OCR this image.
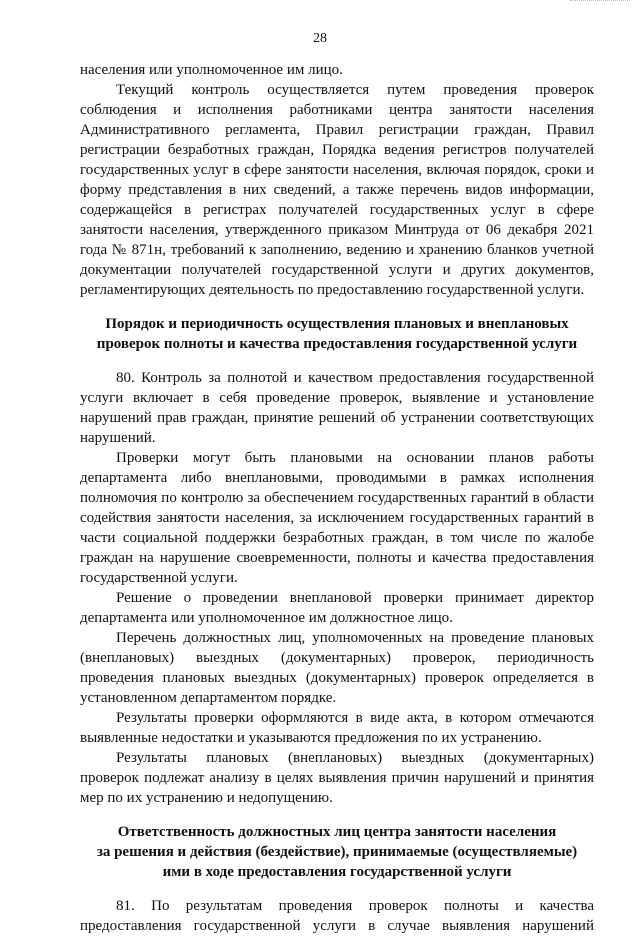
28
населения или уполномоченное им лицо.
Текущий контроль осуществляется путем проведения проверок
соблюдения и исполнения работниками центра занятости населения
Административного регламента, Правил регистрации граждан, Правил
регистрации безработных граждан, Порядка ведения регистров получателей
государственных услуг в сфере занятости населения, включая порядок, сроки и
форму представления в них сведений, а также перечень видов информации,
содержащейся в регистрах получателей государственных услуг в сфере
занятости населения, утвержденного приказом Минтруда от 06 декабря 2021
года № 871н, требований к заполнению, ведению и хранению бланков учетной
документации получателей государственной услуги и других документов,
регламентирующих деятельность по предоставлению государственной услуги.
Порядок и периодичность осуществления плановых и внеплановых
проверок полноты и качества предоставления государственной услуги
80. Контроль за полнотой и качеством предоставления государственной
услуги включает в себя проведение проверок, выявление и установление
нарушений прав граждан, принятие решений об устранении соответствующих
нарушений.
Проверки могут быть плановыми на основании планов работы
департамента либо внеплановыми, проводимыми в рамках исполнения
полномочия по контролю за обеспечением государственных гарантий в области
содействия занятости населения, за исключением государственных гарантий в
части социальной поддержки безработных граждан, в том числе по жалобе
граждан на нарушение своевременности, полноты и качества предоставления
государственной услуги.
Решение о проведении внеплановой проверки принимает директор
департамента или уполномоченное им должностное лицо.
Перечень должностных лиц, уполномоченных на проведение плановых
(внеплановых) выездных (документарных) проверок, периодичность
проведения плановых выездных (документарных) проверок определяется в
установленном департаментом порядке.
Результаты проверки оформляются в виде акта, в котором отмечаются
выявленные недостатки и указываются предложения по их устранению.
Результаты плановых (внеплановых) выездных (документарных)
проверок подлежат анализу в целях выявления причин нарушений и принятия
мер по их устранению и недопущению.
Ответственность должностных лиц центра занятости населения
за решения и действия (бездействие), принимаемые (осуществляемые)
ими в ходе предоставления государственной услуги
81. По результатам проведения проверок полноты и качества
предоставления государственной услуги в случае выявления нарушений
